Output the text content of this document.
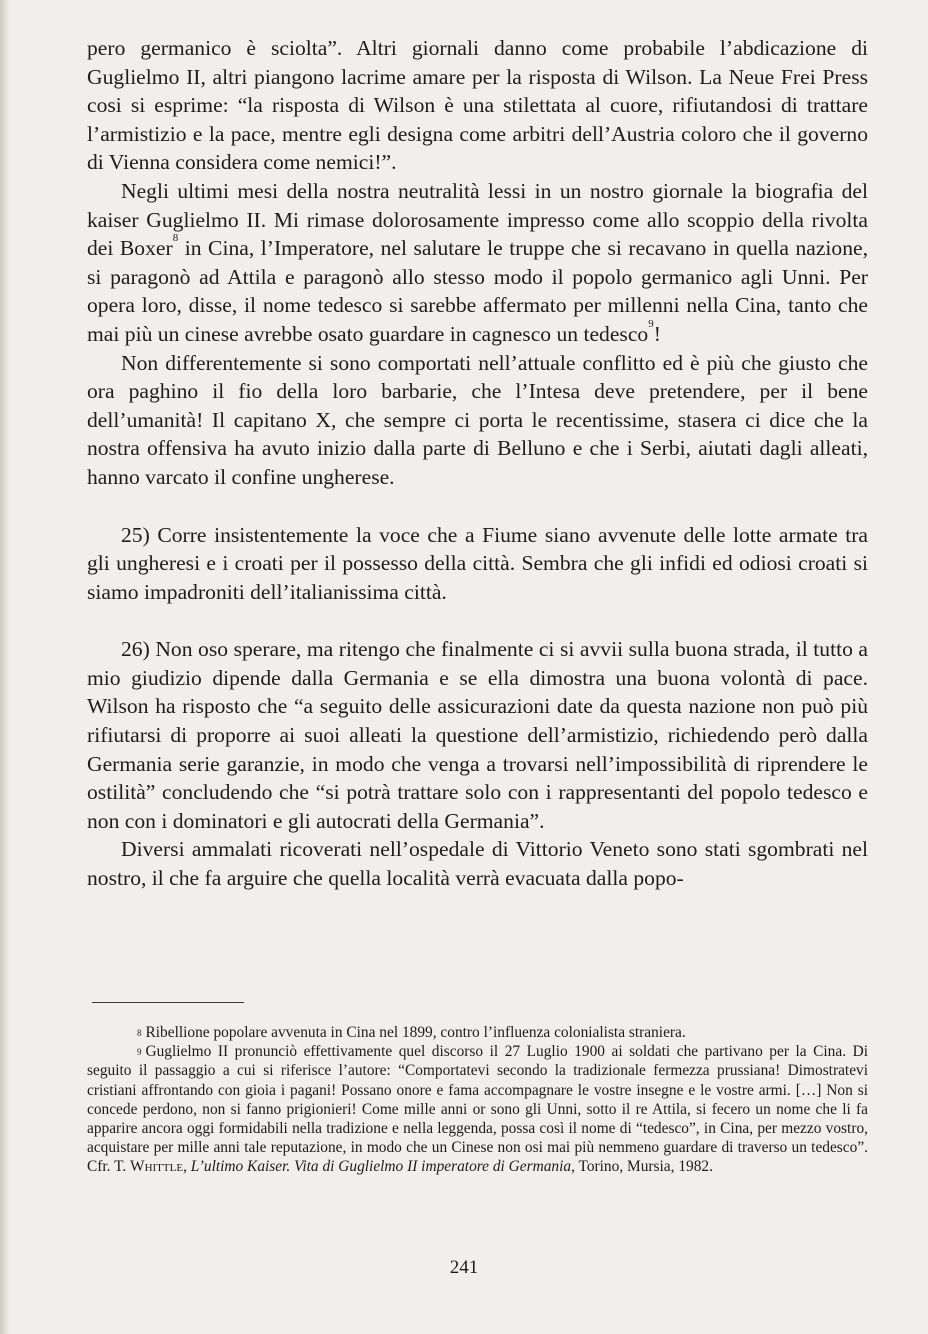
pero germanico è sciolta”. Altri giornali danno come probabile l’abdicazione di Guglielmo II, altri piangono lacrime amare per la risposta di Wilson. La Neue Frei Press cosi si esprime: “la risposta di Wilson è una stilettata al cuore, rifiutandosi di trattare l’armistizio e la pace, mentre egli designa come arbitri dell’Austria coloro che il governo di Vienna considera come nemici!”.

Negli ultimi mesi della nostra neutralità lessi in un nostro giornale la biografia del kaiser Guglielmo II. Mi rimase dolorosamente impresso come allo scoppio della rivolta dei Boxer$^8$ in Cina, l’Imperatore, nel salutare le truppe che si recavano in quella nazione, si paragonò ad Attila e paragonò allo stesso modo il popolo germanico agli Unni. Per opera loro, disse, il nome tedesco si sarebbe affermato per millenni nella Cina, tanto che mai più un cinese avrebbe osato guardare in cagnesco un tedesco$^9$!

Non differentemente si sono comportati nell’attuale conflitto ed è più che giusto che ora paghino il fio della loro barbarie, che l’Intesa deve pretendere, per il bene dell’umanità! Il capitano X, che sempre ci porta le recentissime, stasera ci dice che la nostra offensiva ha avuto inizio dalla parte di Belluno e che i Serbi, aiutati dagli alleati, hanno varcato il confine ungherese.

25) Corre insistentemente la voce che a Fiume siano avvenute delle lotte armate tra gli ungheresi e i croati per il possesso della città. Sembra che gli infidi ed odiosi croati si siamo impadroniti dell’italianissima città.

26) Non oso sperare, ma ritengo che finalmente ci si avvii sulla buona strada, il tutto a mio giudizio dipende dalla Germania e se ella dimostra una buona volontà di pace. Wilson ha risposto che “a seguito delle assicurazioni date da questa nazione non può più rifiutarsi di proporre ai suoi alleati la questione dell’armistizio, richiedendo però dalla Germania serie garanzie, in modo che venga a trovarsi nell’impossibilità di riprendere le ostilità” concludendo che “si potrà trattare solo con i rappresentanti del popolo tedesco e non con i dominatori e gli autocrati della Germania”.

Diversi ammalati ricoverati nell’ospedale di Vittorio Veneto sono stati sgombrati nel nostro, il che fa arguire che quella località verrà evacuata dalla popo-

$^8$ Ribellione popolare avvenuta in Cina nel 1899, contro l’influenza colonialista straniera.

$^9$ Guglielmo II pronunciò effettivamente quel discorso il 27 Luglio 1900 ai soldati che partivano per la Cina. Di seguito il passaggio a cui si riferisce l’autore: “Comportatevi secondo la tradizionale fermezza prussiana! Dimostratevi cristiani affrontando con gioia i pagani! Possano onore e fama accompagnare le vostre insegne e le vostre armi. […] Non si concede perdono, non si fanno prigionieri! Come mille anni or sono gli Unni, sotto il re Attila, si fecero un nome che li fa apparire ancora oggi formidabili nella tradizione e nella leggenda, possa così il nome di “tedesco”, in Cina, per mezzo vostro, acquistare per mille anni tale reputazione, in modo che un Cinese non osi mai più nemmeno guardare di traverso un tedesco”. Cfr. T. Whittle, L’ultimo Kaiser. Vita di Guglielmo II imperatore di Germania, Torino, Mursia, 1982.

241
